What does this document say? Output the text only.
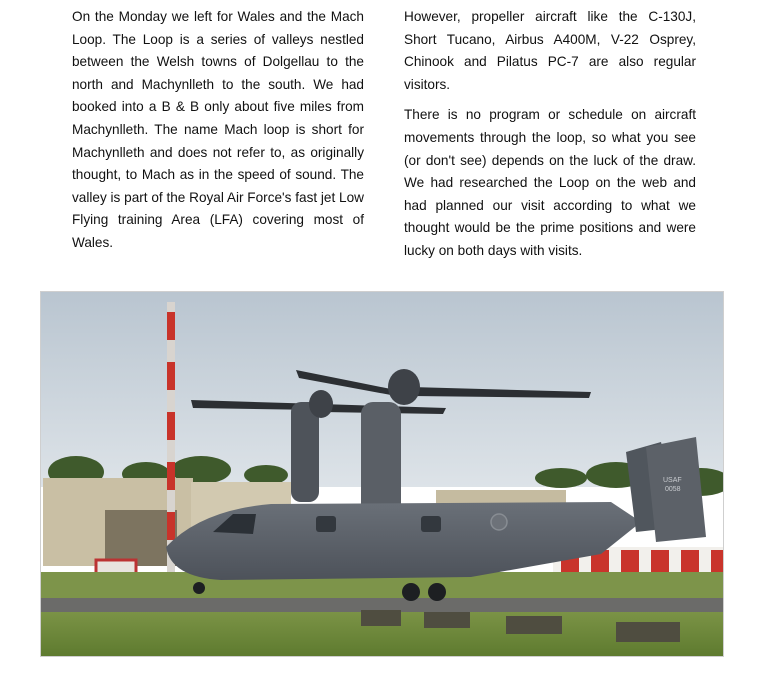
On the Monday we left for Wales and the Mach Loop. The Loop is a series of valleys nestled between the Welsh towns of Dolgellau to the north and Machynlleth to the south. We had booked into a B & B only about five miles from Machynlleth. The name Mach loop is short for Machynlleth and does not refer to, as originally thought, to Mach as in the speed of sound. The valley is part of the Royal Air Force's fast jet Low Flying training Area (LFA) covering most of Wales.

However, propeller aircraft like the C-130J, Short Tucano, Airbus A400M, V-22 Osprey, Chinook and Pilatus PC-7 are also regular visitors.

There is no program or schedule on aircraft movements through the loop, so what you see (or don't see) depends on the luck of the draw. We had researched the Loop on the web and had planned our visit according to what we thought would be the prime positions and were lucky on both days with visits.

USAF
0058
